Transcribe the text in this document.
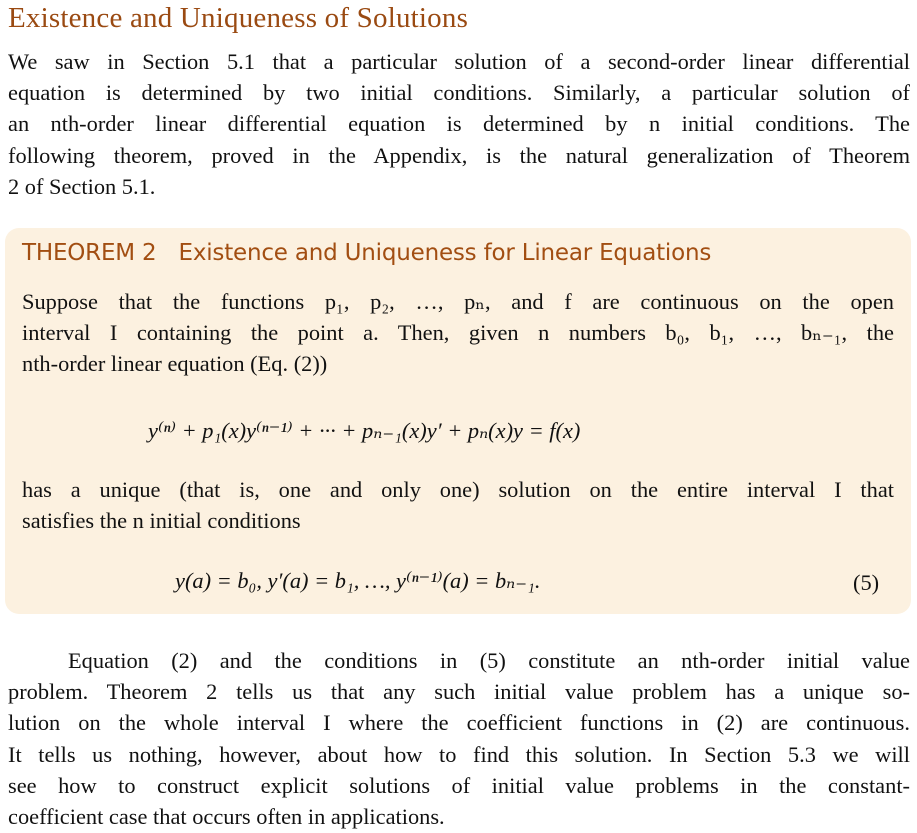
Existence and Uniqueness of Solutions
We saw in Section 5.1 that a particular solution of a second-order linear differential
equation is determined by two initial conditions. Similarly, a particular solution of
an nth-order linear differential equation is determined by n initial conditions. The
following theorem, proved in the Appendix, is the natural generalization of Theorem
2 of Section 5.1.
THEOREM 2 Existence and Uniqueness for Linear Equations
Suppose that the functions p₁, p₂, …, pₙ, and f are continuous on the open
interval I containing the point a. Then, given n numbers b₀, b₁, …, bₙ₋₁, the
nth-order linear equation (Eq. (2))
y⁽ⁿ⁾ + p₁(x)y⁽ⁿ⁻¹⁾ + ··· + pₙ₋₁(x)y′ + pₙ(x)y = f(x)
has a unique (that is, one and only one) solution on the entire interval I that
satisfies the n initial conditions
y(a) = b₀, y′(a) = b₁, …, y⁽ⁿ⁻¹⁾(a) = bₙ₋₁.	(5)
Equation (2) and the conditions in (5) constitute an nth-order initial value
problem. Theorem 2 tells us that any such initial value problem has a unique so-
lution on the whole interval I where the coefficient functions in (2) are continuous.
It tells us nothing, however, about how to find this solution. In Section 5.3 we will
see how to construct explicit solutions of initial value problems in the constant-
coefficient case that occurs often in applications.
